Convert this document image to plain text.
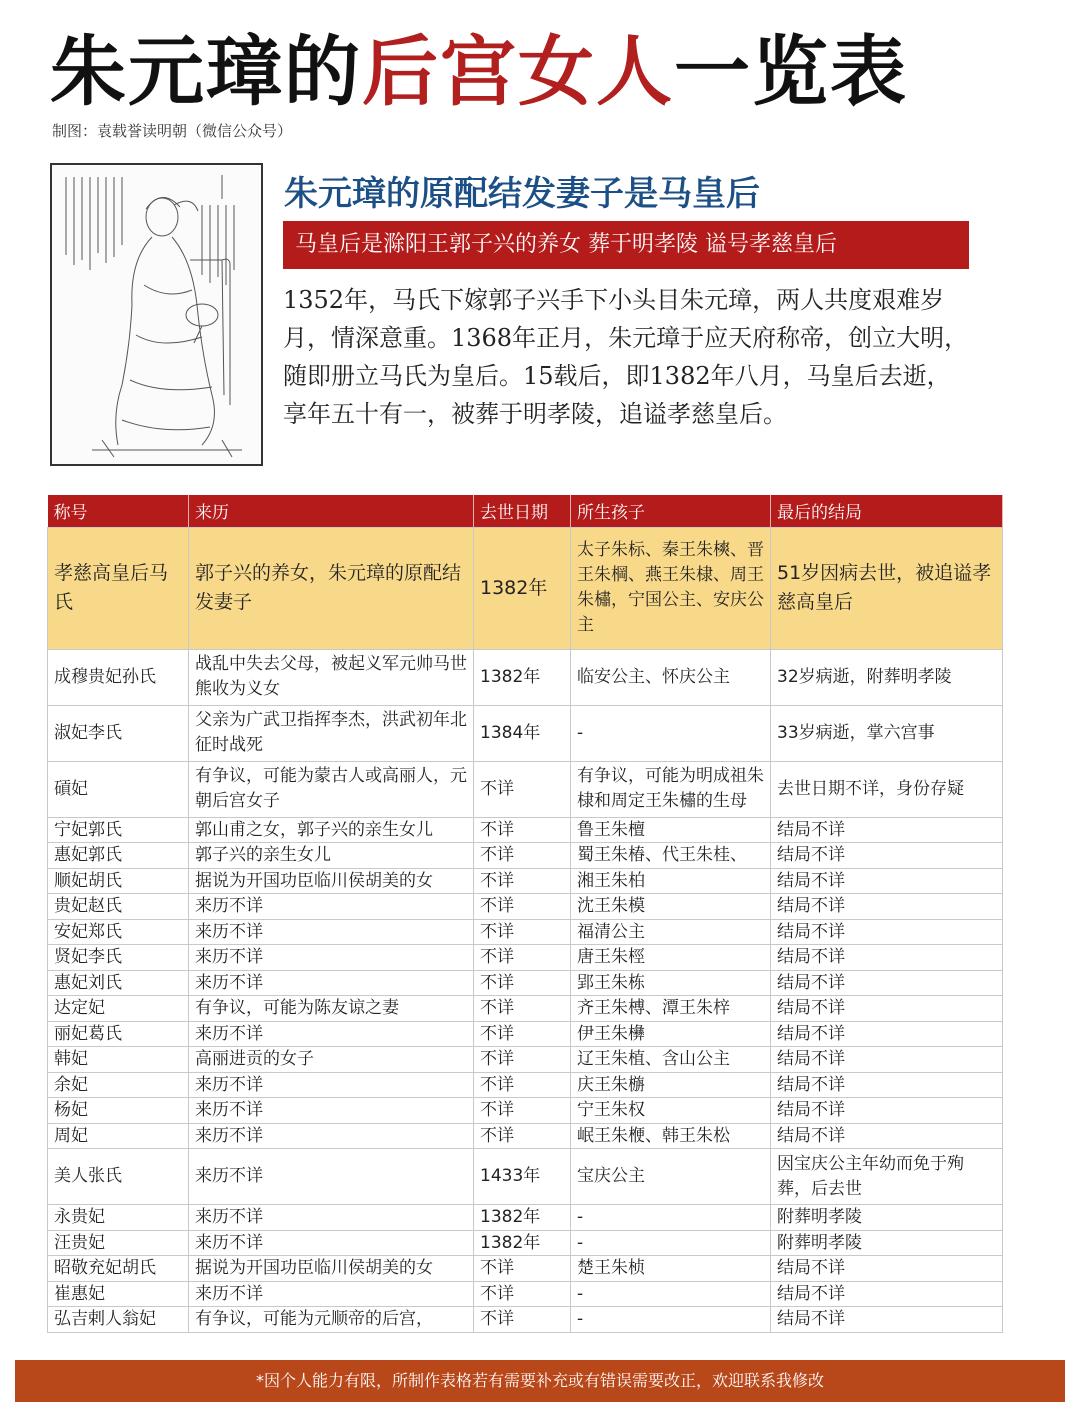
朱元璋的后宫女人一览表
制图：袁载誉读明朝（微信公众号）
朱元璋的原配结发妻子是马皇后
马皇后是滁阳王郭子兴的养女 葬于明孝陵 谥号孝慈皇后
1352年，马氏下嫁郭子兴手下小头目朱元璋，两人共度艰难岁月，情深意重。1368年正月，朱元璋于应天府称帝，创立大明，随即册立马氏为皇后。15载后，即1382年八月，马皇后去逝，享年五十有一，被葬于明孝陵，追谥孝慈皇后。
称号	来历	去世日期	所生孩子	最后的结局
孝慈高皇后马氏	郭子兴的养女，朱元璋的原配结发妻子	1382年	太子朱标、秦王朱樉、晋王朱棡、燕王朱棣、周王朱橚，宁国公主、安庆公主	51岁因病去世，被追谥孝慈高皇后
成穆贵妃孙氏	战乱中失去父母，被起义军元帅马世熊收为义女	1382年	临安公主、怀庆公主	32岁病逝，附葬明孝陵
淑妃李氏	父亲为广武卫指挥李杰，洪武初年北征时战死	1384年	-	33岁病逝，掌六宫事
碽妃	有争议，可能为蒙古人或高丽人，元朝后宫女子	不详	有争议，可能为明成祖朱棣和周定王朱橚的生母	去世日期不详，身份存疑
宁妃郭氏	郭山甫之女，郭子兴的亲生女儿	不详	鲁王朱檀	结局不详
惠妃郭氏	郭子兴的亲生女儿	不详	蜀王朱椿、代王朱桂、	结局不详
顺妃胡氏	据说为开国功臣临川侯胡美的女	不详	湘王朱柏	结局不详
贵妃赵氏	来历不详	不详	沈王朱模	结局不详
安妃郑氏	来历不详	不详	福清公主	结局不详
贤妃李氏	来历不详	不详	唐王朱桱	结局不详
惠妃刘氏	来历不详	不详	郢王朱栋	结局不详
达定妃	有争议，可能为陈友谅之妻	不详	齐王朱榑、潭王朱梓	结局不详
丽妃葛氏	来历不详	不详	伊王朱㰘	结局不详
韩妃	高丽进贡的女子	不详	辽王朱植、含山公主	结局不详
余妃	来历不详	不详	庆王朱㮵	结局不详
杨妃	来历不详	不详	宁王朱权	结局不详
周妃	来历不详	不详	岷王朱楩、韩王朱松	结局不详
美人张氏	来历不详	1433年	宝庆公主	因宝庆公主年幼而免于殉葬，后去世
永贵妃	来历不详	1382年	-	附葬明孝陵
汪贵妃	来历不详	1382年	-	附葬明孝陵
昭敬充妃胡氏	据说为开国功臣临川侯胡美的女	不详	楚王朱桢	结局不详
崔惠妃	来历不详	不详	-	结局不详
弘吉剌人翁妃	有争议，可能为元顺帝的后宫，	不详	-	结局不详
*因个人能力有限，所制作表格若有需要补充或有错误需要改正，欢迎联系我修改
